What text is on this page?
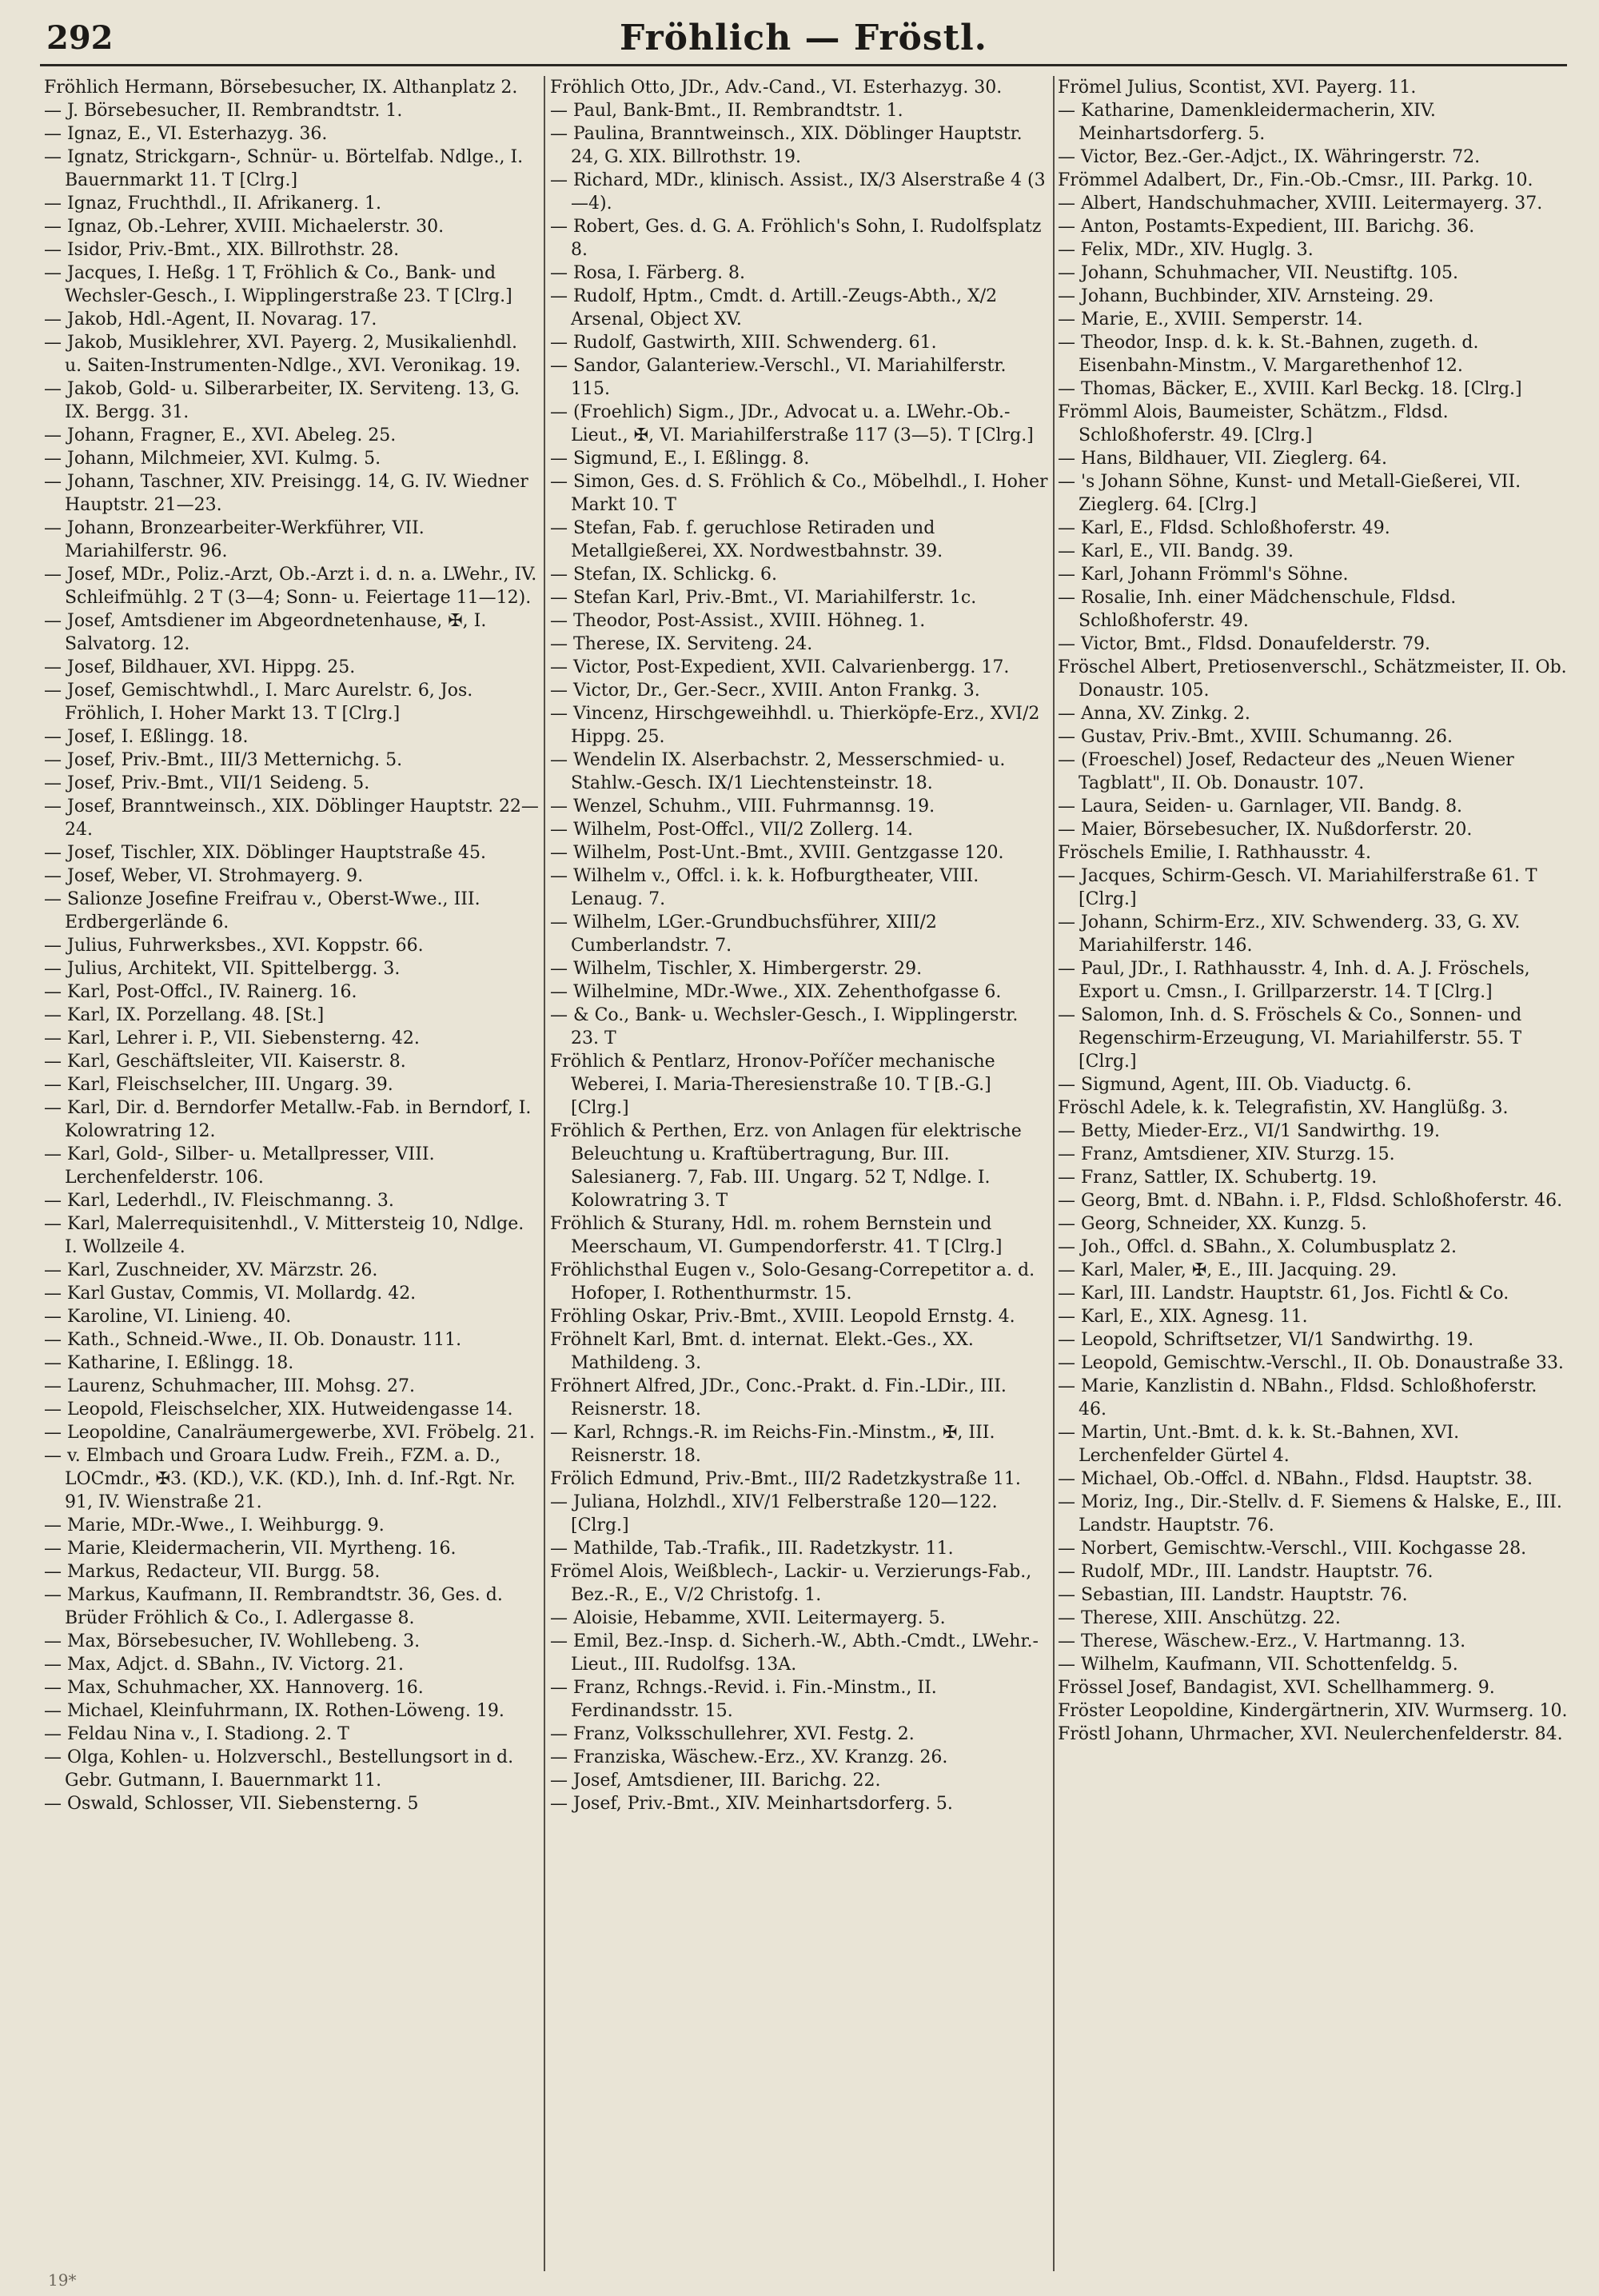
292	Fröhlich — Fröstl.
Fröhlich Hermann, Börsebesucher, IX. Althanplatz 2.
— J. Börsebesucher, II. Rembrandtstr. 1.
— Ignaz, E., VI. Esterhazyg. 36.
— Ignatz, Strickgarn-, Schnür- u. Börtelfab. Ndlge., I. Bauernmarkt 11. T [Clrg.]
— Ignaz, Fruchthdl., II. Afrikanerg. 1.
— Ignaz, Ob.-Lehrer, XVIII. Michaelerstr. 30.
— Isidor, Priv.-Bmt., XIX. Billrothstr. 28.
— Jacques, I. Heßg. 1 T, Fröhlich & Co., Bank- und Wechsler-Gesch., I. Wipplingerstraße 23. T [Clrg.]
— Jakob, Hdl.-Agent, II. Novarag. 17.
— Jakob, Musiklehrer, XVI. Payerg. 2, Musikalienhdl. u. Saiten-Instrumenten-Ndlge., XVI. Veronikag. 19.
— Jakob, Gold- u. Silberarbeiter, IX. Serviteng. 13, G. IX. Bergg. 31.
— Johann, Fragner, E., XVI. Abeleg. 25.
— Johann, Milchmeier, XVI. Kulmg. 5.
— Johann, Taschner, XIV. Preisingg. 14, G. IV. Wiedner Hauptstr. 21—23.
— Johann, Bronzearbeiter-Werkführer, VII. Mariahilferstr. 96.
— Josef, MDr., Poliz.-Arzt, Ob.-Arzt i. d. n. a. LWehr., IV. Schleifmühlg. 2 T (3—4; Sonn- u. Feiertage 11—12).
— Josef, Amtsdiener im Abgeordnetenhause, ✠, I. Salvatorg. 12.
— Josef, Bildhauer, XVI. Hippg. 25.
— Josef, Gemischtwhdl., I. Marc Aurelstr. 6, Jos. Fröhlich, I. Hoher Markt 13. T [Clrg.]
— Josef, I. Eßlingg. 18.
— Josef, Priv.-Bmt., III/3 Metternichg. 5.
— Josef, Priv.-Bmt., VII/1 Seideng. 5.
— Josef, Branntweinsch., XIX. Döblinger Hauptstr. 22—24.
— Josef, Tischler, XIX. Döblinger Hauptstraße 45.
— Josef, Weber, VI. Strohmayerg. 9.
— Salionze Josefine Freifrau v., Oberst-Wwe., III. Erdbergerlände 6.
— Julius, Fuhrwerksbes., XVI. Koppstr. 66.
— Julius, Architekt, VII. Spittelbergg. 3.
— Karl, Post-Offcl., IV. Rainerg. 16.
— Karl, IX. Porzellang. 48. [St.]
— Karl, Lehrer i. P., VII. Siebensterng. 42.
— Karl, Geschäftsleiter, VII. Kaiserstr. 8.
— Karl, Fleischselcher, III. Ungarg. 39.
— Karl, Dir. d. Berndorfer Metallw.-Fab. in Berndorf, I. Kolowratring 12.
— Karl, Gold-, Silber- u. Metallpresser, VIII. Lerchenfelderstr. 106.
— Karl, Lederhdl., IV. Fleischmanng. 3.
— Karl, Malerrequisitenhdl., V. Mittersteig 10, Ndlge. I. Wollzeile 4.
— Karl, Zuschneider, XV. Märzstr. 26.
— Karl Gustav, Commis, VI. Mollardg. 42.
— Karoline, VI. Linieng. 40.
— Kath., Schneid.-Wwe., II. Ob. Donaustr. 111.
— Katharine, I. Eßlingg. 18.
— Laurenz, Schuhmacher, III. Mohsg. 27.
— Leopold, Fleischselcher, XIX. Hutweidengasse 14.
— Leopoldine, Canalräumergewerbe, XVI. Fröbelg. 21.
— v. Elmbach und Groara Ludw. Freih., FZM. a. D., LOCmdr., ✠3. (KD.), V.K. (KD.), Inh. d. Inf.-Rgt. Nr. 91, IV. Wienstraße 21.
— Marie, MDr.-Wwe., I. Weihburgg. 9.
— Marie, Kleidermacherin, VII. Myrtheng. 16.
— Markus, Redacteur, VII. Burgg. 58.
— Markus, Kaufmann, II. Rembrandtstr. 36, Ges. d. Brüder Fröhlich & Co., I. Adlergasse 8.
— Max, Börsebesucher, IV. Wohllebeng. 3.
— Max, Adjct. d. SBahn., IV. Victorg. 21.
— Max, Schuhmacher, XX. Hannoverg. 16.
— Michael, Kleinfuhrmann, IX. Rothen-Löweng. 19.
— Feldau Nina v., I. Stadiong. 2. T
— Olga, Kohlen- u. Holzverschl., Bestellungsort in d. Gebr. Gutmann, I. Bauernmarkt 11.
— Oswald, Schlosser, VII. Siebensterng. 5
Fröhlich Otto, JDr., Adv.-Cand., VI. Esterhazyg. 30.
— Paul, Bank-Bmt., II. Rembrandtstr. 1.
— Paulina, Branntweinsch., XIX. Döblinger Hauptstr. 24, G. XIX. Billrothstr. 19.
— Richard, MDr., klinisch. Assist., IX/3 Alserstraße 4 (3—4).
— Robert, Ges. d. G. A. Fröhlich's Sohn, I. Rudolfsplatz 8.
— Rosa, I. Färberg. 8.
— Rudolf, Hptm., Cmdt. d. Artill.-Zeugs-Abth., X/2 Arsenal, Object XV.
— Rudolf, Gastwirth, XIII. Schwenderg. 61.
— Sandor, Galanteriew.-Verschl., VI. Mariahilferstr. 115.
— (Froehlich) Sigm., JDr., Advocat u. a. LWehr.-Ob.-Lieut., ✠, VI. Mariahilferstraße 117 (3—5). T [Clrg.]
— Sigmund, E., I. Eßlingg. 8.
— Simon, Ges. d. S. Fröhlich & Co., Möbelhdl., I. Hoher Markt 10. T
— Stefan, Fab. f. geruchlose Retiraden und Metallgießerei, XX. Nordwestbahnstr. 39.
— Stefan, IX. Schlickg. 6.
— Stefan Karl, Priv.-Bmt., VI. Mariahilferstr. 1c.
— Theodor, Post-Assist., XVIII. Höhneg. 1.
— Therese, IX. Serviteng. 24.
— Victor, Post-Expedient, XVII. Calvarienbergg. 17.
— Victor, Dr., Ger.-Secr., XVIII. Anton Frankg. 3.
— Vincenz, Hirschgeweihhdl. u. Thierköpfe-Erz., XVI/2 Hippg. 25.
— Wendelin IX. Alserbachstr. 2, Messerschmied- u. Stahlw.-Gesch. IX/1 Liechtensteinstr. 18.
— Wenzel, Schuhm., VIII. Fuhrmannsg. 19.
— Wilhelm, Post-Offcl., VII/2 Zollerg. 14.
— Wilhelm, Post-Unt.-Bmt., XVIII. Gentzgasse 120.
— Wilhelm v., Offcl. i. k. k. Hofburgtheater, VIII. Lenaug. 7.
— Wilhelm, LGer.-Grundbuchsführer, XIII/2 Cumberlandstr. 7.
— Wilhelm, Tischler, X. Himbergerstr. 29.
— Wilhelmine, MDr.-Wwe., XIX. Zehenthofgasse 6.
— & Co., Bank- u. Wechsler-Gesch., I. Wipplingerstr. 23. T
Fröhlich & Pentlarz, Hronov-Poříčer mechanische Weberei, I. Maria-Theresienstraße 10. T [B.-G.] [Clrg.]
Fröhlich & Perthen, Erz. von Anlagen für elektrische Beleuchtung u. Kraftübertragung, Bur. III. Salesianerg. 7, Fab. III. Ungarg. 52 T, Ndlge. I. Kolowratring 3. T
Fröhlich & Sturany, Hdl. m. rohem Bernstein und Meerschaum, VI. Gumpendorferstr. 41. T [Clrg.]
Fröhlichsthal Eugen v., Solo-Gesang-Correpetitor a. d. Hofoper, I. Rothenthurmstr. 15.
Fröhling Oskar, Priv.-Bmt., XVIII. Leopold Ernstg. 4.
Fröhnelt Karl, Bmt. d. internat. Elekt.-Ges., XX. Mathildeng. 3.
Fröhnert Alfred, JDr., Conc.-Prakt. d. Fin.-LDir., III. Reisnerstr. 18.
— Karl, Rchngs.-R. im Reichs-Fin.-Minstm., ✠, III. Reisnerstr. 18.
Frölich Edmund, Priv.-Bmt., III/2 Radetzkystraße 11.
— Juliana, Holzhdl., XIV/1 Felberstraße 120—122. [Clrg.]
— Mathilde, Tab.-Trafik., III. Radetzkystr. 11.
Frömel Alois, Weißblech-, Lackir- u. Verzierungs-Fab., Bez.-R., E., V/2 Christofg. 1.
— Aloisie, Hebamme, XVII. Leitermayerg. 5.
— Emil, Bez.-Insp. d. Sicherh.-W., Abth.-Cmdt., LWehr.-Lieut., III. Rudolfsg. 13A.
— Franz, Rchngs.-Revid. i. Fin.-Minstm., II. Ferdinandsstr. 15.
— Franz, Volksschullehrer, XVI. Festg. 2.
— Franziska, Wäschew.-Erz., XV. Kranzg. 26.
— Josef, Amtsdiener, III. Barichg. 22.
— Josef, Priv.-Bmt., XIV. Meinhartsdorferg. 5.
Frömel Julius, Scontist, XVI. Payerg. 11.
— Katharine, Damenkleidermacherin, XIV. Meinhartsdorferg. 5.
— Victor, Bez.-Ger.-Adjct., IX. Währingerstr. 72.
Frömmel Adalbert, Dr., Fin.-Ob.-Cmsr., III. Parkg. 10.
— Albert, Handschuhmacher, XVIII. Leitermayerg. 37.
— Anton, Postamts-Expedient, III. Barichg. 36.
— Felix, MDr., XIV. Huglg. 3.
— Johann, Schuhmacher, VII. Neustiftg. 105.
— Johann, Buchbinder, XIV. Arnsteing. 29.
— Marie, E., XVIII. Semperstr. 14.
— Theodor, Insp. d. k. k. St.-Bahnen, zugeth. d. Eisenbahn-Minstm., V. Margarethenhof 12.
— Thomas, Bäcker, E., XVIII. Karl Beckg. 18. [Clrg.]
Frömml Alois, Baumeister, Schätzm., Fldsd. Schloßhoferstr. 49. [Clrg.]
— Hans, Bildhauer, VII. Zieglerg. 64.
— 's Johann Söhne, Kunst- und Metall-Gießerei, VII. Zieglerg. 64. [Clrg.]
— Karl, E., Fldsd. Schloßhoferstr. 49.
— Karl, E., VII. Bandg. 39.
— Karl, Johann Frömml's Söhne.
— Rosalie, Inh. einer Mädchenschule, Fldsd. Schloßhoferstr. 49.
— Victor, Bmt., Fldsd. Donaufelderstr. 79.
Fröschel Albert, Pretiosenverschl., Schätzmeister, II. Ob. Donaustr. 105.
— Anna, XV. Zinkg. 2.
— Gustav, Priv.-Bmt., XVIII. Schumanng. 26.
— (Froeschel) Josef, Redacteur des „Neuen Wiener Tagblatt", II. Ob. Donaustr. 107.
— Laura, Seiden- u. Garnlager, VII. Bandg. 8.
— Maier, Börsebesucher, IX. Nußdorferstr. 20.
Fröschels Emilie, I. Rathhausstr. 4.
— Jacques, Schirm-Gesch. VI. Mariahilferstraße 61. T [Clrg.]
— Johann, Schirm-Erz., XIV. Schwenderg. 33, G. XV. Mariahilferstr. 146.
— Paul, JDr., I. Rathhausstr. 4, Inh. d. A. J. Fröschels, Export u. Cmsn., I. Grillparzerstr. 14. T [Clrg.]
— Salomon, Inh. d. S. Fröschels & Co., Sonnen- und Regenschirm-Erzeugung, VI. Mariahilferstr. 55. T [Clrg.]
— Sigmund, Agent, III. Ob. Viaductg. 6.
Fröschl Adele, k. k. Telegrafistin, XV. Hanglüßg. 3.
— Betty, Mieder-Erz., VI/1 Sandwirthg. 19.
— Franz, Amtsdiener, XIV. Sturzg. 15.
— Franz, Sattler, IX. Schubertg. 19.
— Georg, Bmt. d. NBahn. i. P., Fldsd. Schloßhoferstr. 46.
— Georg, Schneider, XX. Kunzg. 5.
— Joh., Offcl. d. SBahn., X. Columbusplatz 2.
— Karl, Maler, ✠, E., III. Jacquing. 29.
— Karl, III. Landstr. Hauptstr. 61, Jos. Fichtl & Co.
— Karl, E., XIX. Agnesg. 11.
— Leopold, Schriftsetzer, VI/1 Sandwirthg. 19.
— Leopold, Gemischtw.-Verschl., II. Ob. Donaustraße 33.
— Marie, Kanzlistin d. NBahn., Fldsd. Schloßhoferstr. 46.
— Martin, Unt.-Bmt. d. k. k. St.-Bahnen, XVI. Lerchenfelder Gürtel 4.
— Michael, Ob.-Offcl. d. NBahn., Fldsd. Hauptstr. 38.
— Moriz, Ing., Dir.-Stellv. d. F. Siemens & Halske, E., III. Landstr. Hauptstr. 76.
— Norbert, Gemischtw.-Verschl., VIII. Kochgasse 28.
— Rudolf, MDr., III. Landstr. Hauptstr. 76.
— Sebastian, III. Landstr. Hauptstr. 76.
— Therese, XIII. Anschützg. 22.
— Therese, Wäschew.-Erz., V. Hartmanng. 13.
— Wilhelm, Kaufmann, VII. Schottenfeldg. 5.
Frössel Josef, Bandagist, XVI. Schellhammerg. 9.
Fröster Leopoldine, Kindergärtnerin, XIV. Wurmserg. 10.
Fröstl Johann, Uhrmacher, XVI. Neulerchenfelderstr. 84.
19*
